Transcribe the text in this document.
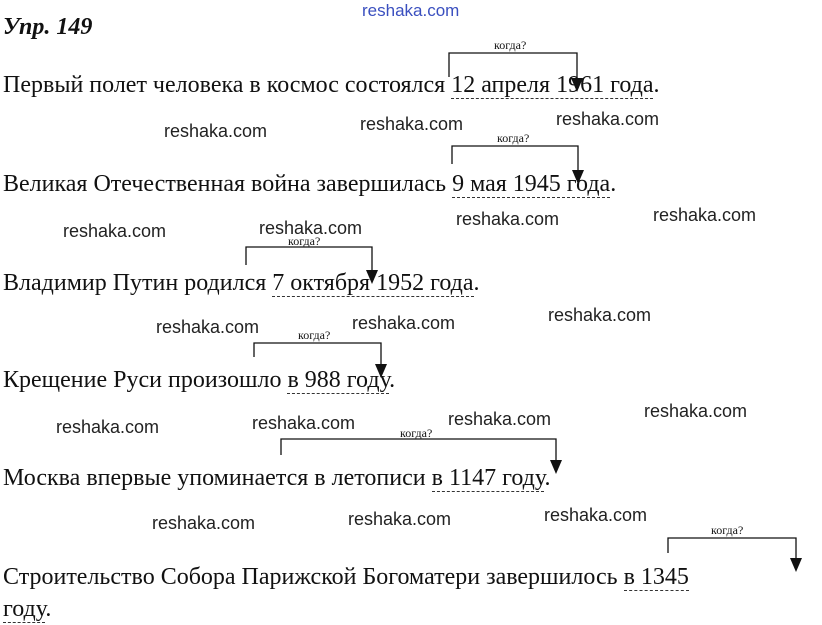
reshaka.com
Упр. 149
когда?
когда?
когда?
когда?
когда?
когда?
Первый полет человека в космос состоялся 12 апреля 1961 года.
Великая Отечественная война завершилась 9 мая 1945 года.
Владимир Путин родился 7 октября 1952 года.
Крещение Руси произошло в 988 году.
Москва впервые упоминается в летописи в 1147 году.
Строительство Собора Парижской Богоматери завершилось в 1345
году.
reshaka.com	reshaka.com	reshaka.com
reshaka.com	reshaka.com	reshaka.com	reshaka.com
reshaka.com	reshaka.com	reshaka.com
reshaka.com	reshaka.com	reshaka.com	reshaka.com
reshaka.com	reshaka.com	reshaka.com
